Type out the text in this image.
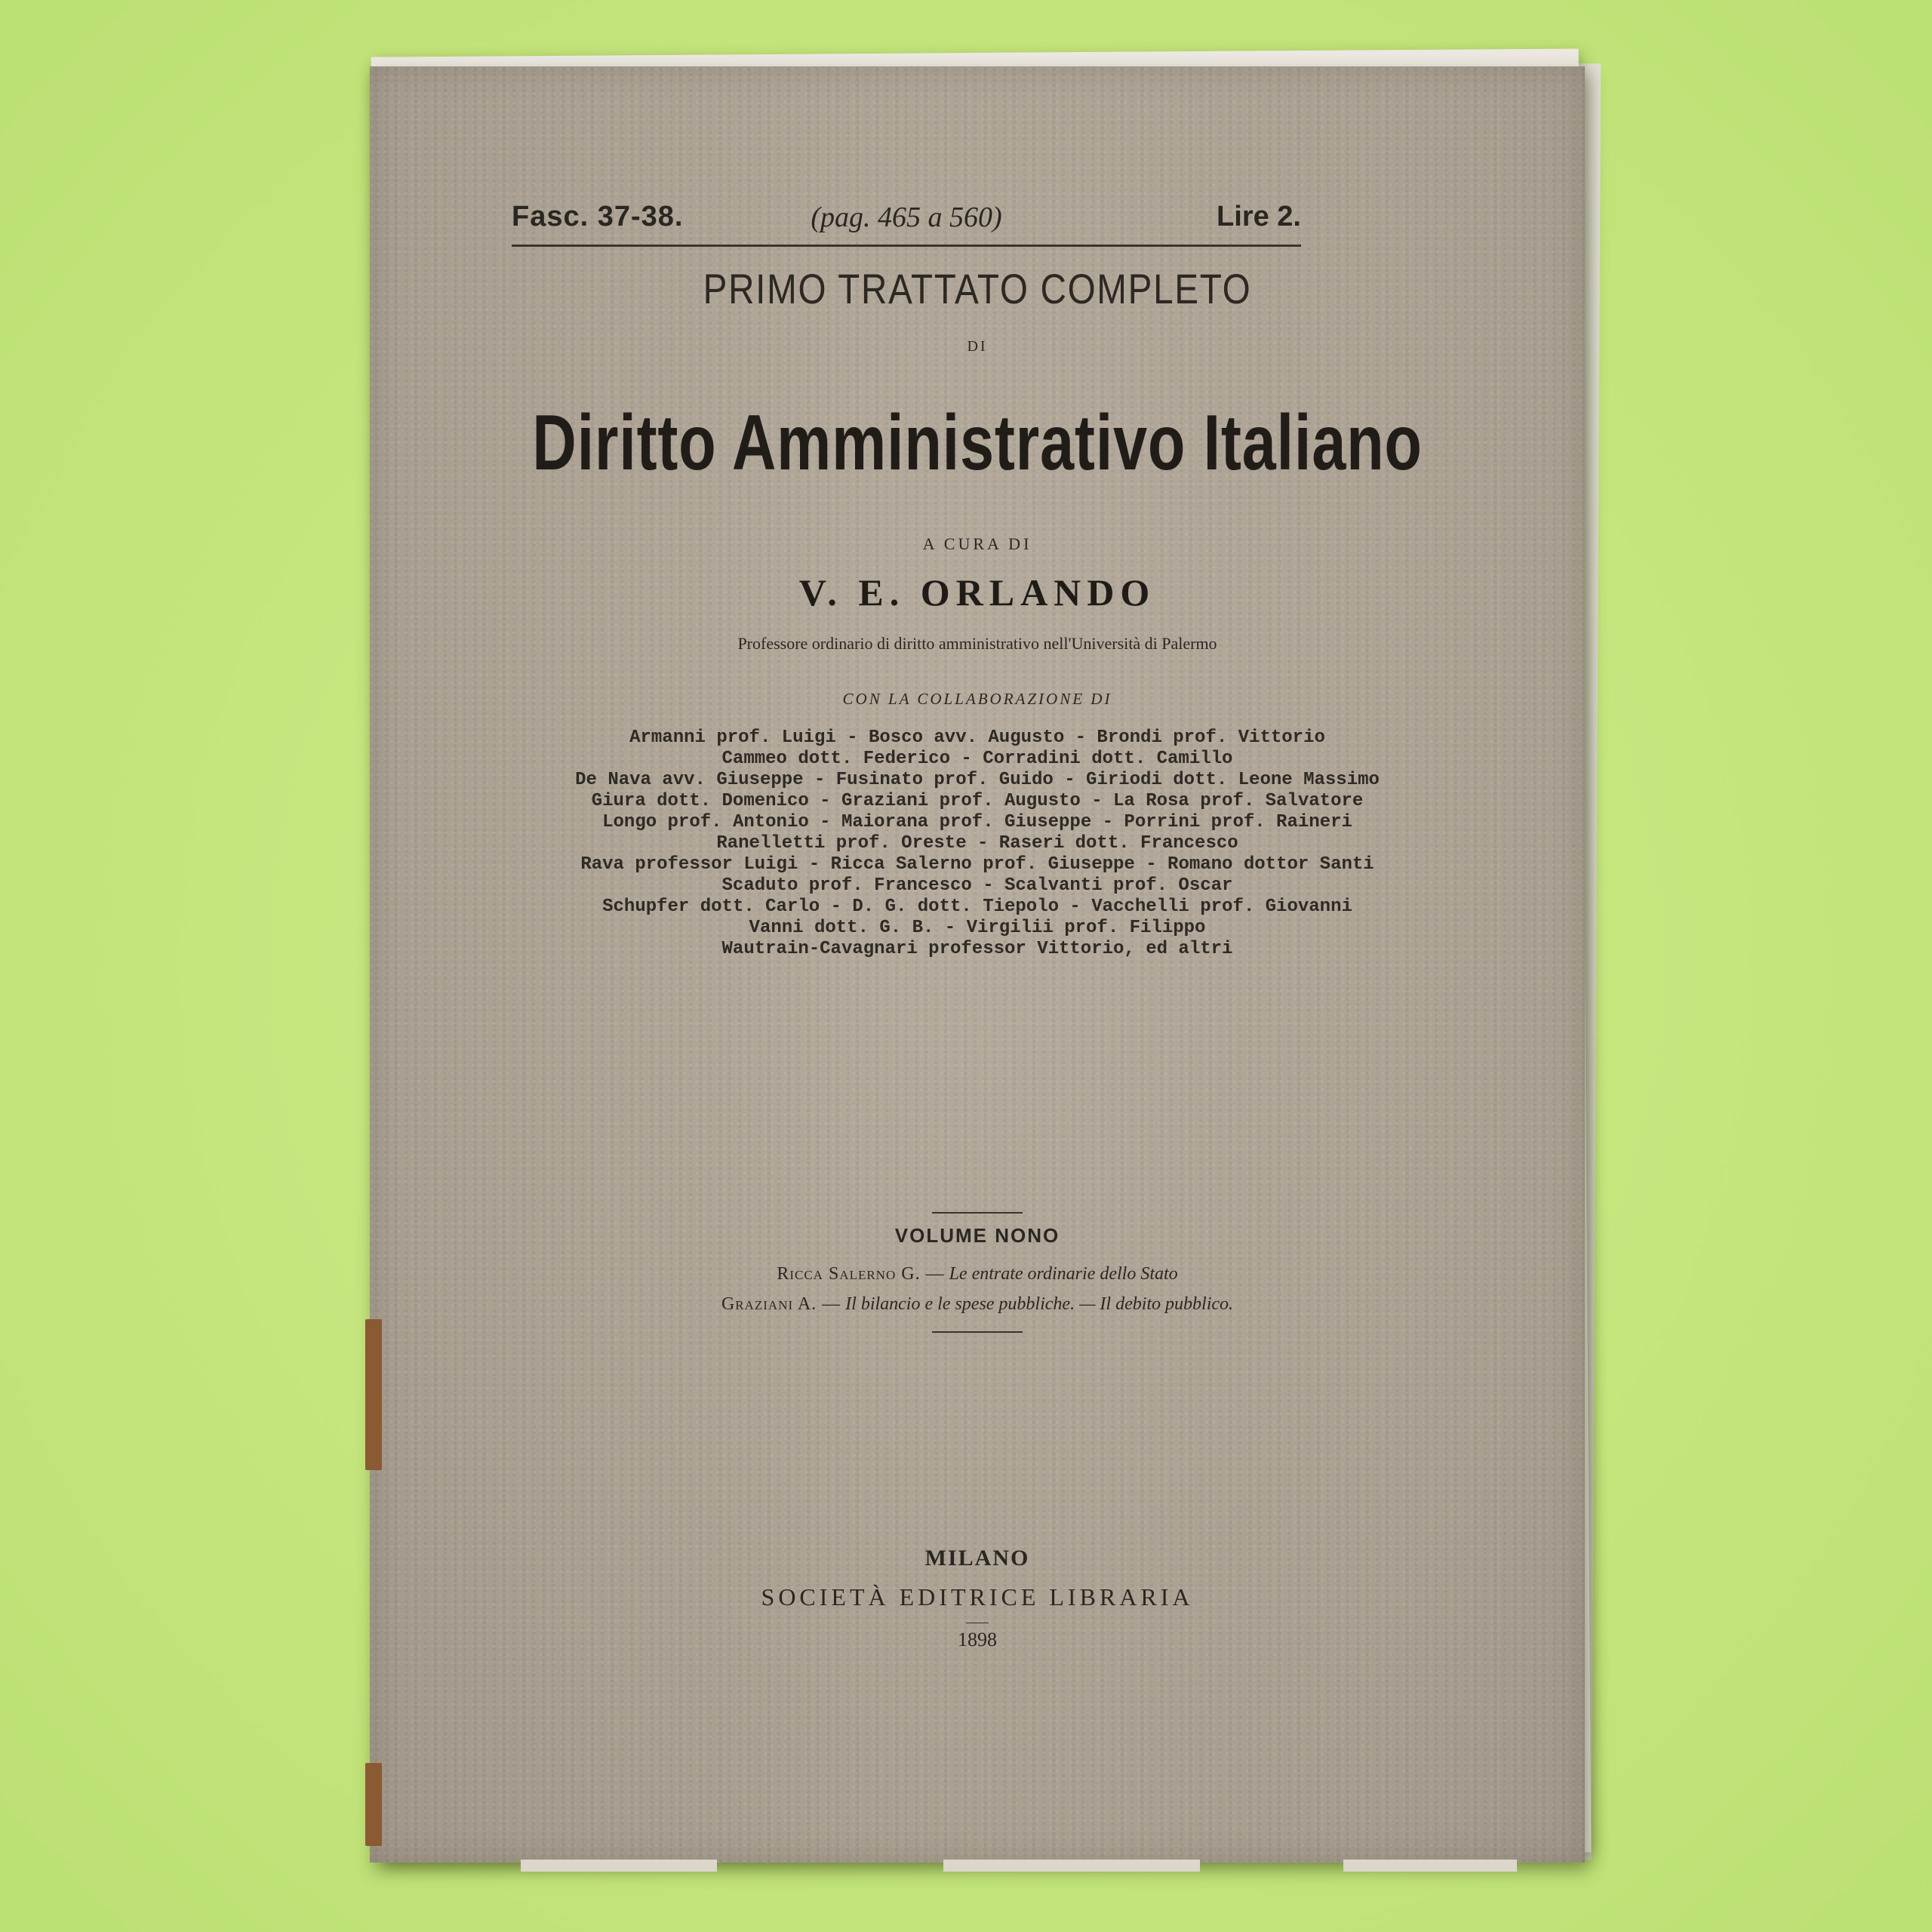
Fasc. 37-38.	(pag. 465 a 560)	Lire 2.
PRIMO TRATTATO COMPLETO
DI
Diritto Amministrativo Italiano
A CURA DI
V. E. ORLANDO
Professore ordinario di diritto amministrativo nell'Università di Palermo
CON LA COLLABORAZIONE DI
Armanni prof. Luigi - Bosco avv. Augusto - Brondi prof. Vittorio
Cammeo dott. Federico - Corradini dott. Camillo
De Nava avv. Giuseppe - Fusinato prof. Guido - Giriodi dott. Leone Massimo
Giura dott. Domenico - Graziani prof. Augusto - La Rosa prof. Salvatore
Longo prof. Antonio - Maiorana prof. Giuseppe - Porrini prof. Raineri
Ranelletti prof. Oreste - Raseri dott. Francesco
Rava professor Luigi - Ricca Salerno prof. Giuseppe - Romano dottor Santi
Scaduto prof. Francesco - Scalvanti prof. Oscar
Schupfer dott. Carlo - D. G. dott. Tiepolo - Vacchelli prof. Giovanni
Vanni dott. G. B. - Virgilii prof. Filippo
Wautrain-Cavagnari professor Vittorio, ed altri
VOLUME NONO
Ricca Salerno G. — Le entrate ordinarie dello Stato
Graziani A. — Il bilancio e le spese pubbliche. — Il debito pubblico.
MILANO
SOCIETÀ EDITRICE LIBRARIA
1898
